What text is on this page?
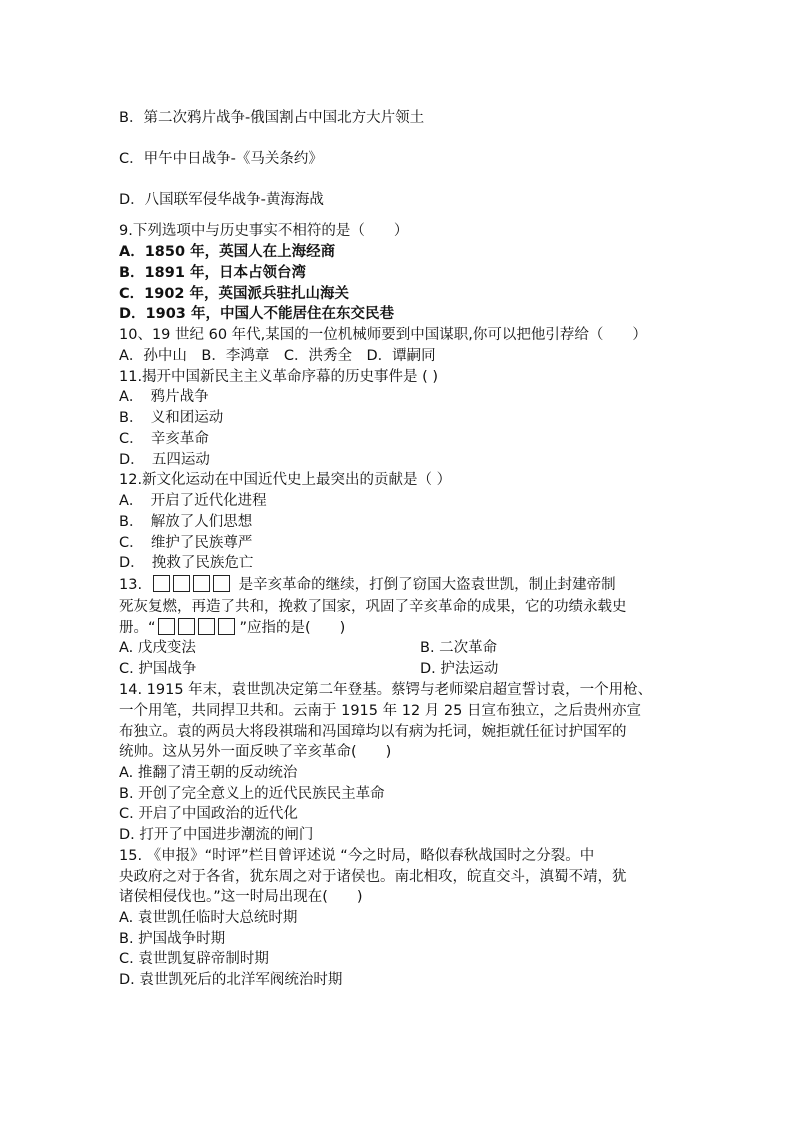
B．第二次鸦片战争-俄国割占中国北方大片领土
C．甲午中日战争-《马关条约》
D．八国联军侵华战争-黄海海战
9.下列选项中与历史事实不相符的是（　　）
A．1850 年，英国人在上海经商
B．1891 年，日本占领台湾
C．1902 年，英国派兵驻扎山海关
D．1903 年，中国人不能居住在东交民巷
10、19 世纪 60 年代,某国的一位机械师要到中国谋职,你可以把他引荐给（　　）
A．孙中山　B．李鸿章　C．洪秀全　D．谭嗣同
11.揭开中国新民主主义革命序幕的历史事件是 ( )
A．　鸦片战争
B．　义和团运动
C．　辛亥革命
D．　五四运动
12.新文化运动在中国近代史上最突出的贡献是（ ）
A．　开启了近代化进程
B．　解放了人们思想
C．　维护了民族尊严
D．　挽救了民族危亡
13.	是辛亥革命的继续，打倒了窃国大盗袁世凯，制止封建帝制
死灰复燃，再造了共和，挽救了国家，巩固了辛亥革命的成果，它的功绩永载史
册。“	”应指的是(　　)
A. 戊戌变法	B. 二次革命
C. 护国战争	D. 护法运动
14. 1915 年末，袁世凯决定第二年登基。蔡锷与老师梁启超宣誓讨袁，一个用枪、
一个用笔，共同捍卫共和。云南于 1915 年 12 月 25 日宣布独立，之后贵州亦宣
布独立。袁的两员大将段祺瑞和冯国璋均以有病为托词，婉拒就任征讨护国军的
统帅。这从另外一面反映了辛亥革命(　　)
A. 推翻了清王朝的反动统治
B. 开创了完全意义上的近代民族民主革命
C. 开启了中国政治的近代化
D. 打开了中国进步潮流的闸门
15. 《申报》“时评”栏目曾评述说 “今之时局，略似春秋战国时之分裂。中
央政府之对于各省，犹东周之对于诸侯也。南北相攻，皖直交斗，滇蜀不靖，犹
诸侯相侵伐也。”这一时局出现在(　　)
A. 袁世凯任临时大总统时期
B. 护国战争时期
C. 袁世凯复辟帝制时期
D. 袁世凯死后的北洋军阀统治时期
